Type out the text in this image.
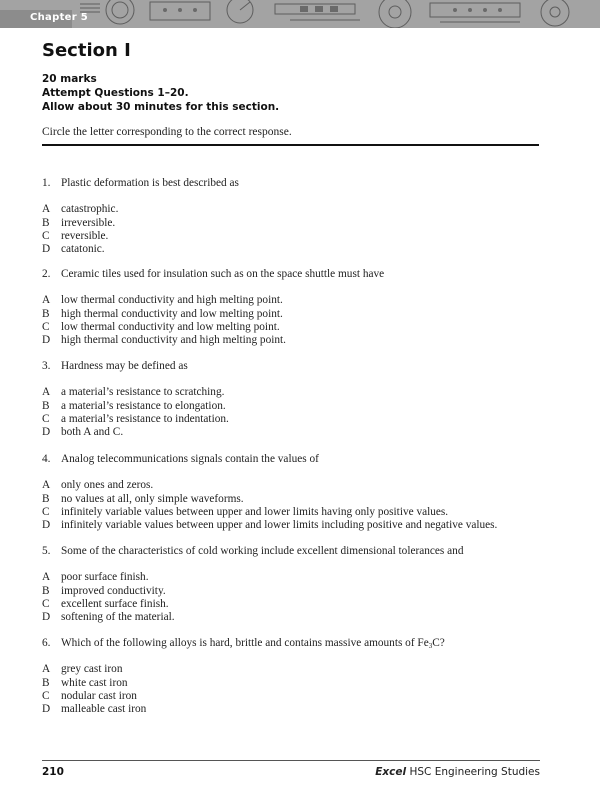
Chapter 5
Section I
20 marks
Attempt Questions 1–20.
Allow about 30 minutes for this section.
Circle the letter corresponding to the correct response.
1. Plastic deformation is best described as
A catastrophic.
B	irreversible.
C	reversible.
D catatonic.
2. Ceramic tiles used for insulation such as on the space shuttle must have
A low thermal conductivity and high melting point.
B	high thermal conductivity and low melting point.
C	low thermal conductivity and low melting point.
D high thermal conductivity and high melting point.
3. Hardness may be defined as
A a material’s resistance to scratching.
B	a material’s resistance to elongation.
C	a material’s resistance to indentation.
D both A and C.
4. Analog telecommunications signals contain the values of
A only ones and zeros.
B	no values at all, only simple waveforms.
C	infinitely variable values between upper and lower limits having only positive values.
D infinitely variable values between upper and lower limits including positive and negative values.
5. Some of the characteristics of cold working include excellent dimensional tolerances and
A poor surface finish.
B	improved conductivity.
C	excellent surface finish.
D softening of the material.
6. Which of the following alloys is hard, brittle and contains massive amounts of $Fe_3C$?
A grey cast iron
B	white cast iron
C	nodular cast iron
D malleable cast iron
210	Excel HSC Engineering Studies
